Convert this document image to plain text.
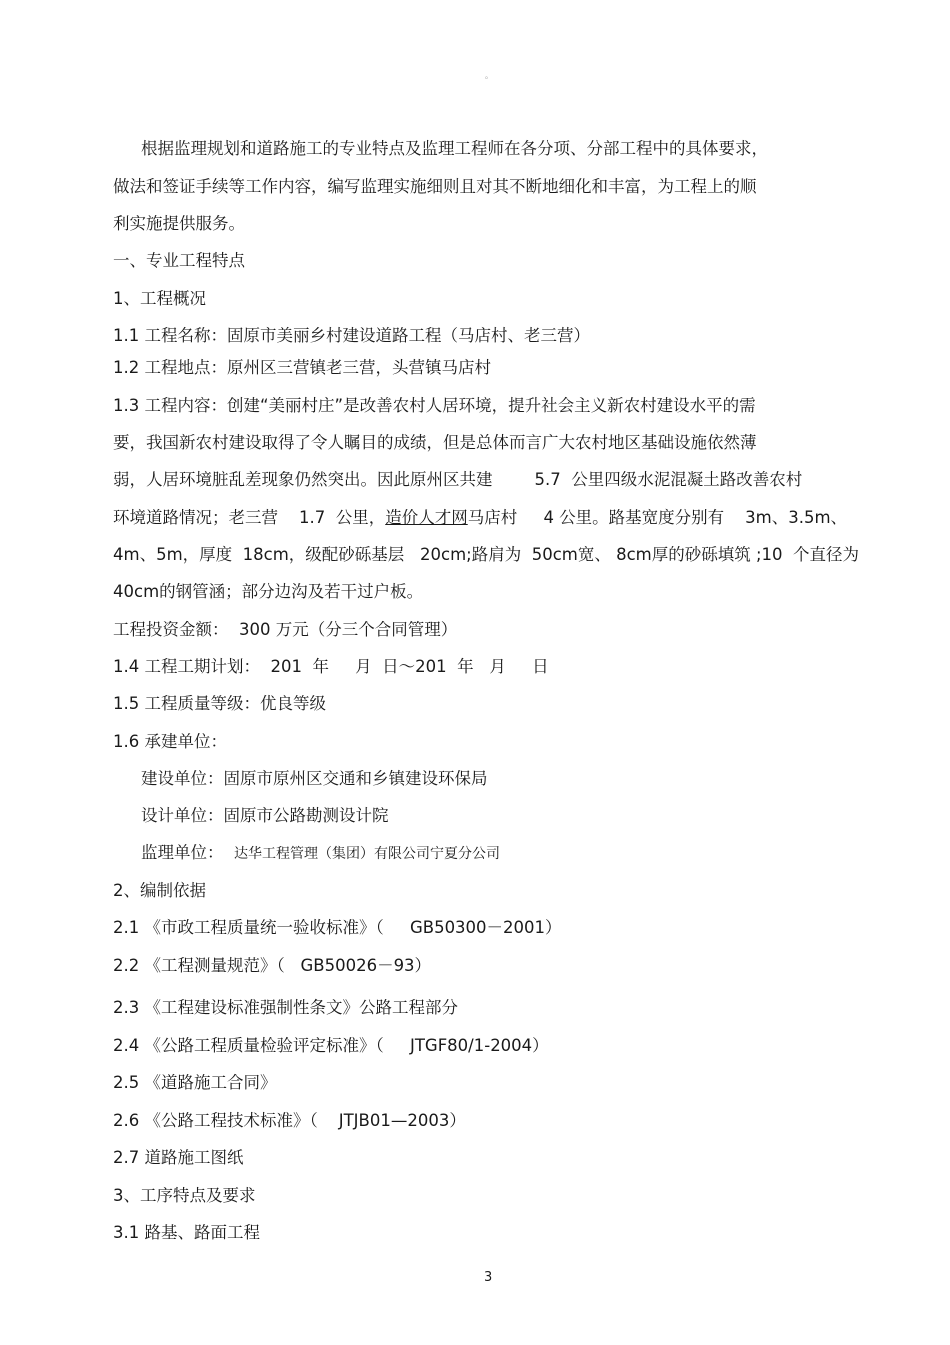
。
根据监理规划和道路施工的专业特点及监理工程师在各分项、分部工程中的具体要求，
做法和签证手续等工作内容，编写监理实施细则且对其不断地细化和丰富，为工程上的顺
利实施提供服务。
一、专业工程特点
1、工程概况
1.1 工程名称：固原市美丽乡村建设道路工程（马店村、老三营）
1.2 工程地点：原州区三营镇老三营，头营镇马店村
1.3 工程内容：创建“美丽村庄”是改善农村人居环境，提升社会主义新农村建设水平的需
要，我国新农村建设取得了令人瞩目的成绩，但是总体而言广大农村地区基础设施依然薄
弱，人居环境脏乱差现象仍然突出。因此原州区共建        5.7  公里四级水泥混凝土路改善农村
环境道路情况；老三营    1.7  公里，造价人才网马店村     4 公里。路基宽度分别有    3m、3.5m、
4m、5m，厚度  18cm，级配砂砾基层   20cm;路肩为  50cm宽、 8cm厚的砂砾填筑 ;10  个直径为
40cm的钢管涵；部分边沟及若干过户板。
工程投资金额：  300 万元（分三个合同管理）
1.4 工程工期计划：  201  年     月  日～201  年   月     日
1.5 工程质量等级：优良等级
1.6 承建单位：
建设单位：固原市原州区交通和乡镇建设环保局
设计单位：固原市公路勘测设计院
监理单位：  达华工程管理（集团）有限公司宁夏分公司
2、编制依据
2.1 《市政工程质量统一验收标准》（     GB50300－2001）
2.2 《工程测量规范》（   GB50026－93）
2.3 《工程建设标准强制性条文》公路工程部分
2.4 《公路工程质量检验评定标准》（     JTGF80/1-2004）
2.5 《道路施工合同》
2.6 《公路工程技术标准》（    JTJB01—2003）
2.7 道路施工图纸
3、工序特点及要求
3.1 路基、路面工程
3
